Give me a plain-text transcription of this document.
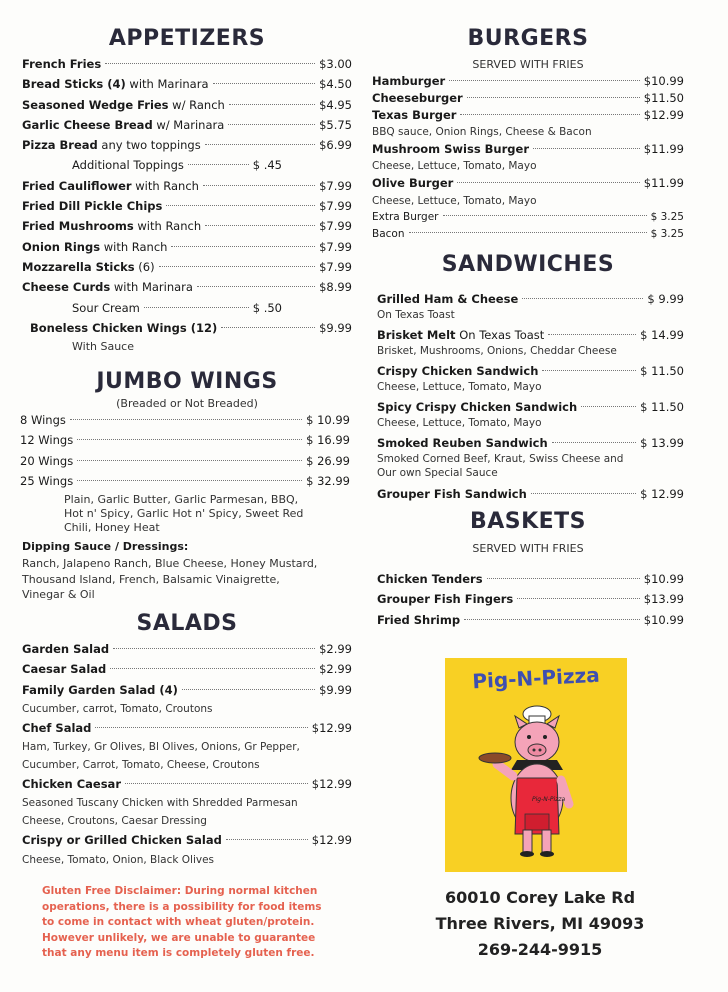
APPETIZERS
French Fries	$3.00
Bread Sticks (4) with Marinara	$4.50
Seasoned Wedge Fries w/ Ranch	$4.95
Garlic Cheese Bread w/ Marinara	$5.75
Pizza Bread any two toppings	$6.99
Additional Toppings	$ .45
Fried Cauliflower with Ranch	$7.99
Fried Dill Pickle Chips	$7.99
Fried Mushrooms with Ranch	$7.99
Onion Rings with Ranch	$7.99
Mozzarella Sticks (6)	$7.99
Cheese Curds with Marinara	$8.99
Sour Cream	$ .50
Boneless Chicken Wings (12)	$9.99
With Sauce
JUMBO WINGS

(Breaded or Not Breaded)

8 Wings	$ 10.99
12 Wings	$ 16.99
20 Wings	$ 26.99
25 Wings	$ 32.99
Plain, Garlic Butter, Garlic Parmesan, BBQ,
Hot n' Spicy, Garlic Hot n' Spicy, Sweet Red
Chili, Honey Heat
Dipping Sauce / Dressings:
Ranch, Jalapeno Ranch, Blue Cheese, Honey Mustard,
Thousand Island, French, Balsamic Vinaigrette,
Vinegar & Oil
SALADS
Garden Salad	$2.99
Caesar Salad	$2.99
Family Garden Salad (4)	$9.99
Cucumber, carrot, Tomato, Croutons
Chef Salad	$12.99
Ham, Turkey, Gr Olives, Bl Olives, Onions, Gr Pepper,
Cucumber, Carrot, Tomato, Cheese, Croutons
Chicken Caesar	$12.99
Seasoned Tuscany Chicken with Shredded Parmesan
Cheese, Croutons, Caesar Dressing
Crispy or Grilled Chicken Salad	$12.99
Cheese, Tomato, Onion, Black Olives
Gluten Free Disclaimer: During normal kitchen operations, there is a possibility for food items to come in contact with wheat gluten/protein. However unlikely, we are unable to guarantee that any menu item is completely gluten free.
BURGERS

SERVED WITH FRIES

Hamburger	$10.99
Cheeseburger	$11.50
Texas Burger	$12.99
BBQ sauce, Onion Rings, Cheese & Bacon
Mushroom Swiss Burger	$11.99
Cheese, Lettuce, Tomato, Mayo
Olive Burger	$11.99
Cheese, Lettuce, Tomato, Mayo
Extra Burger	$ 3.25
Bacon	$ 3.25
SANDWICHES
Grilled Ham & Cheese	$ 9.99
On Texas Toast
Brisket Melt On Texas Toast	$ 14.99
Brisket, Mushrooms, Onions, Cheddar Cheese
Crispy Chicken Sandwich	$ 11.50
Cheese, Lettuce, Tomato, Mayo
Spicy Crispy Chicken Sandwich	$ 11.50
Cheese, Lettuce, Tomato, Mayo
Smoked Reuben Sandwich	$ 13.99
Smoked Corned Beef, Kraut, Swiss Cheese and
Our own Special Sauce
Grouper Fish Sandwich	$ 12.99
BASKETS

SERVED WITH FRIES

Chicken Tenders	$10.99
Grouper Fish Fingers	$13.99
Fried Shrimp	$10.99
Pig-N-Pizza
Pig-N-Pizza
60010 Corey Lake Rd
Three Rivers, MI 49093
269-244-9915
